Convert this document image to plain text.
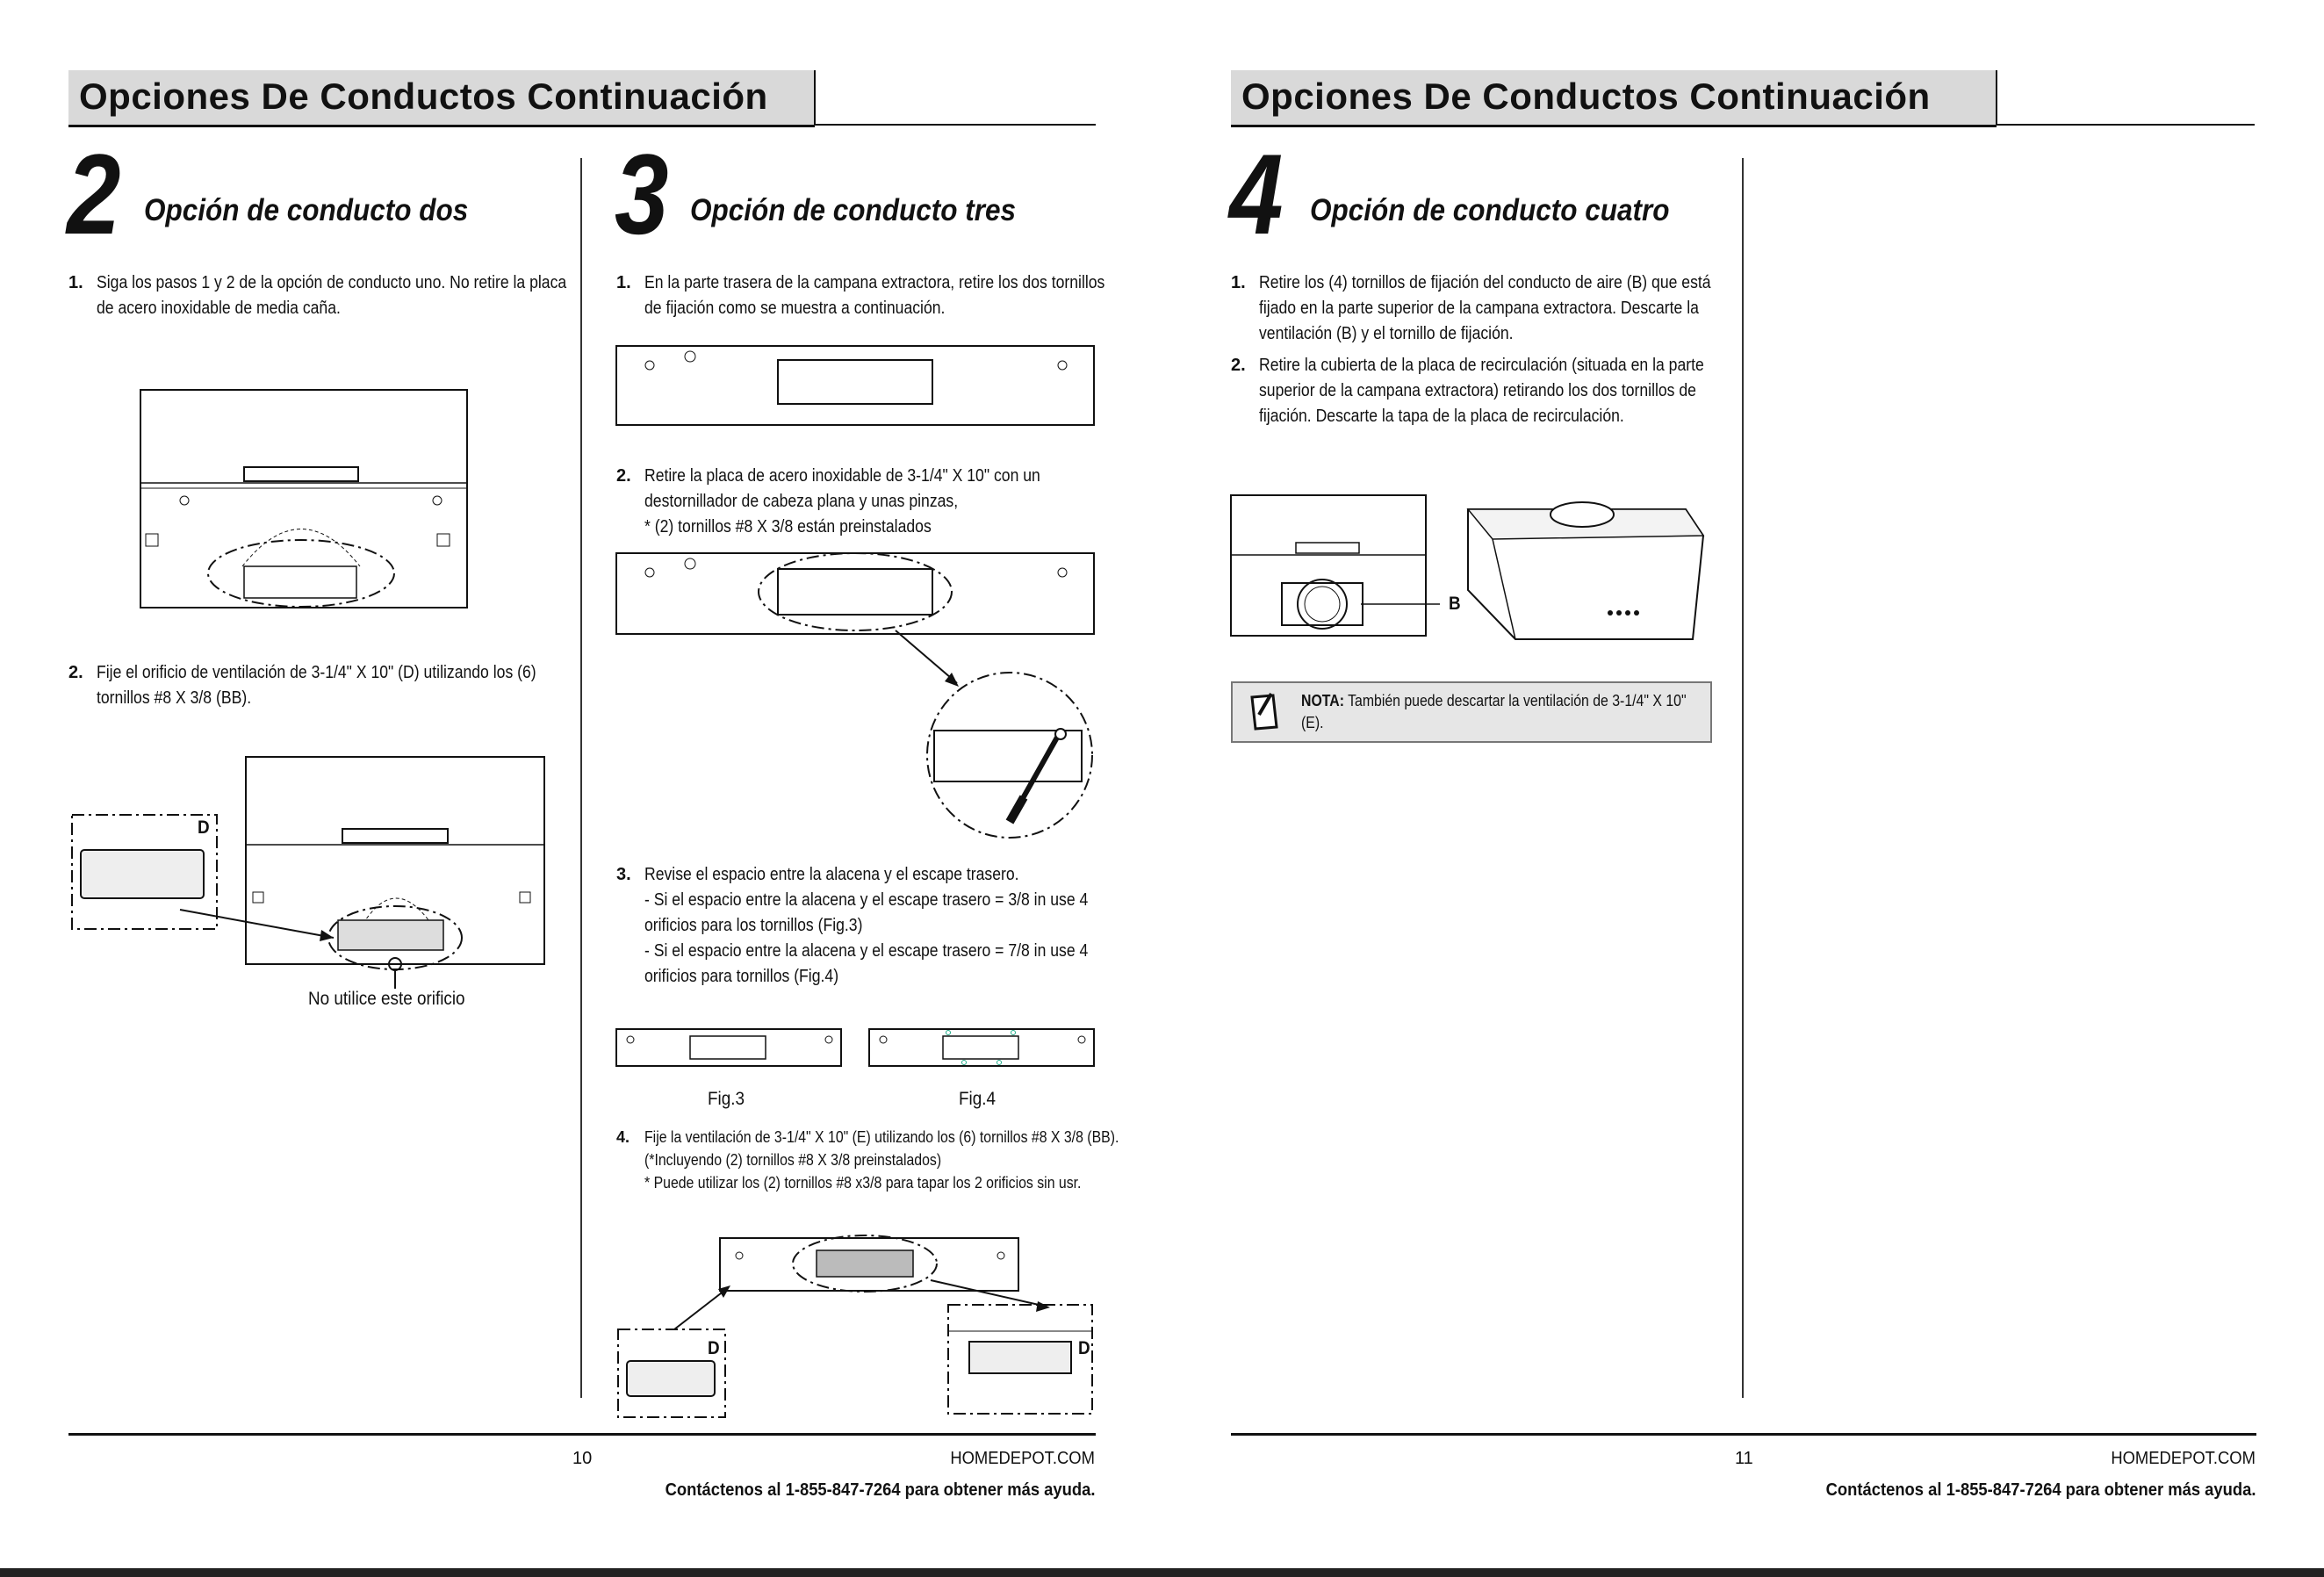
Opciones De Conductos Continuación
2 Opción de conducto dos
1. Siga los pasos 1 y 2 de la opción de conducto uno. No retire la placa de acero inoxidable de media caña.
2. Fije el orificio de ventilación de 3-1/4" X 10" (D) utilizando los (6) tornillos #8 X 3/8 (BB).
D
No utilice este orificio
3 Opción de conducto tres
1. En la parte trasera de la campana extractora, retire los dos tornillos de fijación como se muestra a continuación.
2. Retire la placa de acero inoxidable de 3-1/4" X 10" con un destornillador de cabeza plana y unas pinzas,
* (2) tornillos #8 X 3/8 están preinstalados
3. Revise el espacio entre la alacena y el escape trasero.
- Si el espacio entre la alacena y el escape trasero = 3/8 in use 4 orificios para los tornillos (Fig.3)
- Si el espacio entre la alacena y el escape trasero = 7/8 in use 4 orificios para tornillos (Fig.4)
Fig.3	Fig.4
4. Fije la ventilación de 3-1/4" X 10" (E) utilizando los (6) tornillos #8 X 3/8 (BB). (*Incluyendo (2) tornillos #8 X 3/8 preinstalados)
* Puede utilizar los (2) tornillos #8 x3/8 para tapar los 2 orificios sin usr.
D	D
10	HOMEDEPOT.COM
Contáctenos al 1-855-847-7264 para obtener más ayuda.
Opciones De Conductos Continuación
4 Opción de conducto cuatro
1. Retire los (4) tornillos de fijación del conducto de aire (B) que está fijado en la parte superior de la campana extractora. Descarte la ventilación (B) y el tornillo de fijación.
2. Retire la cubierta de la placa de recirculación (situada en la parte superior de la campana extractora) retirando los dos tornillos de fijación. Descarte la tapa de la placa de recirculación.
B
NOTA: También puede descartar la ventilación de 3-1/4" X 10" (E).
11	HOMEDEPOT.COM
Contáctenos al 1-855-847-7264 para obtener más ayuda.
